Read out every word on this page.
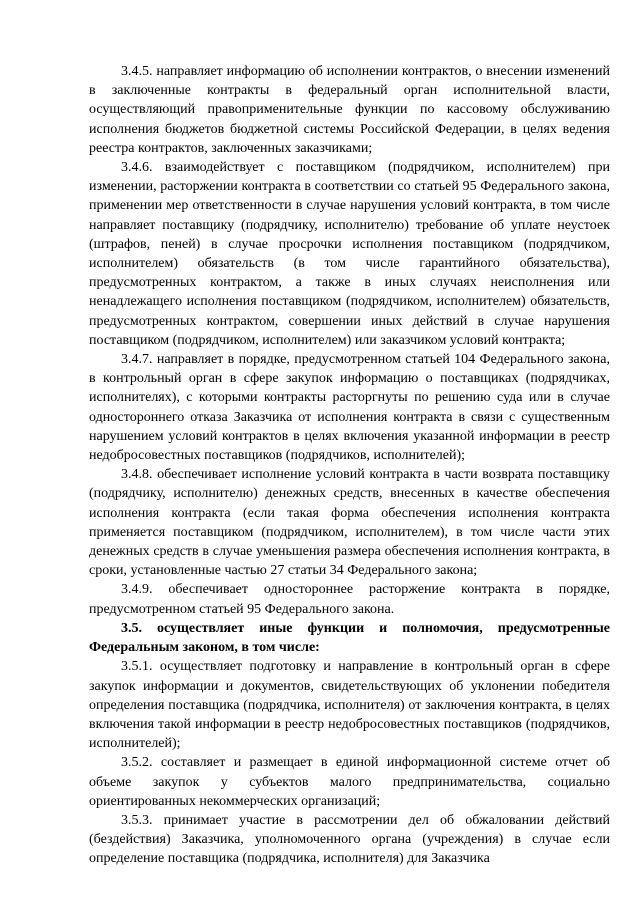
3.4.5. направляет информацию об исполнении контрактов, о внесении изменений в заключенные контракты в федеральный орган исполнительной власти, осуществляющий правоприменительные функции по кассовому обслуживанию исполнения бюджетов бюджетной системы Российской Федерации, в целях ведения реестра контрактов, заключенных заказчиками;

3.4.6. взаимодействует с поставщиком (подрядчиком, исполнителем) при изменении, расторжении контракта в соответствии со статьей 95 Федерального закона, применении мер ответственности в случае нарушения условий контракта, в том числе направляет поставщику (подрядчику, исполнителю) требование об уплате неустоек (штрафов, пеней) в случае просрочки исполнения поставщиком (подрядчиком, исполнителем) обязательств (в том числе гарантийного обязательства), предусмотренных контрактом, а также в иных случаях неисполнения или ненадлежащего исполнения поставщиком (подрядчиком, исполнителем) обязательств, предусмотренных контрактом, совершении иных действий в случае нарушения поставщиком (подрядчиком, исполнителем) или заказчиком условий контракта;

3.4.7. направляет в порядке, предусмотренном статьей 104 Федерального закона, в контрольный орган в сфере закупок информацию о поставщиках (подрядчиках, исполнителях), с которыми контракты расторгнуты по решению суда или в случае одностороннего отказа Заказчика от исполнения контракта в связи с существенным нарушением условий контрактов в целях включения указанной информации в реестр недобросовестных поставщиков (подрядчиков, исполнителей);

3.4.8. обеспечивает исполнение условий контракта в части возврата поставщику (подрядчику, исполнителю) денежных средств, внесенных в качестве обеспечения исполнения контракта (если такая форма обеспечения исполнения контракта применяется поставщиком (подрядчиком, исполнителем), в том числе части этих денежных средств в случае уменьшения размера обеспечения исполнения контракта, в сроки, установленные частью 27 статьи 34 Федерального закона;

3.4.9. обеспечивает одностороннее расторжение контракта в порядке, предусмотренном статьей 95 Федерального закона.

3.5. осуществляет иные функции и полномочия, предусмотренные Федеральным законом, в том числе:

3.5.1. осуществляет подготовку и направление в контрольный орган в сфере закупок информации и документов, свидетельствующих об уклонении победителя определения поставщика (подрядчика, исполнителя) от заключения контракта, в целях включения такой информации в реестр недобросовестных поставщиков (подрядчиков, исполнителей);

3.5.2. составляет и размещает в единой информационной системе отчет об объеме закупок у субъектов малого предпринимательства, социально ориентированных некоммерческих организаций;

3.5.3. принимает участие в рассмотрении дел об обжаловании действий (бездействия) Заказчика, уполномоченного органа (учреждения) в случае если определение поставщика (подрядчика, исполнителя) для Заказчика
